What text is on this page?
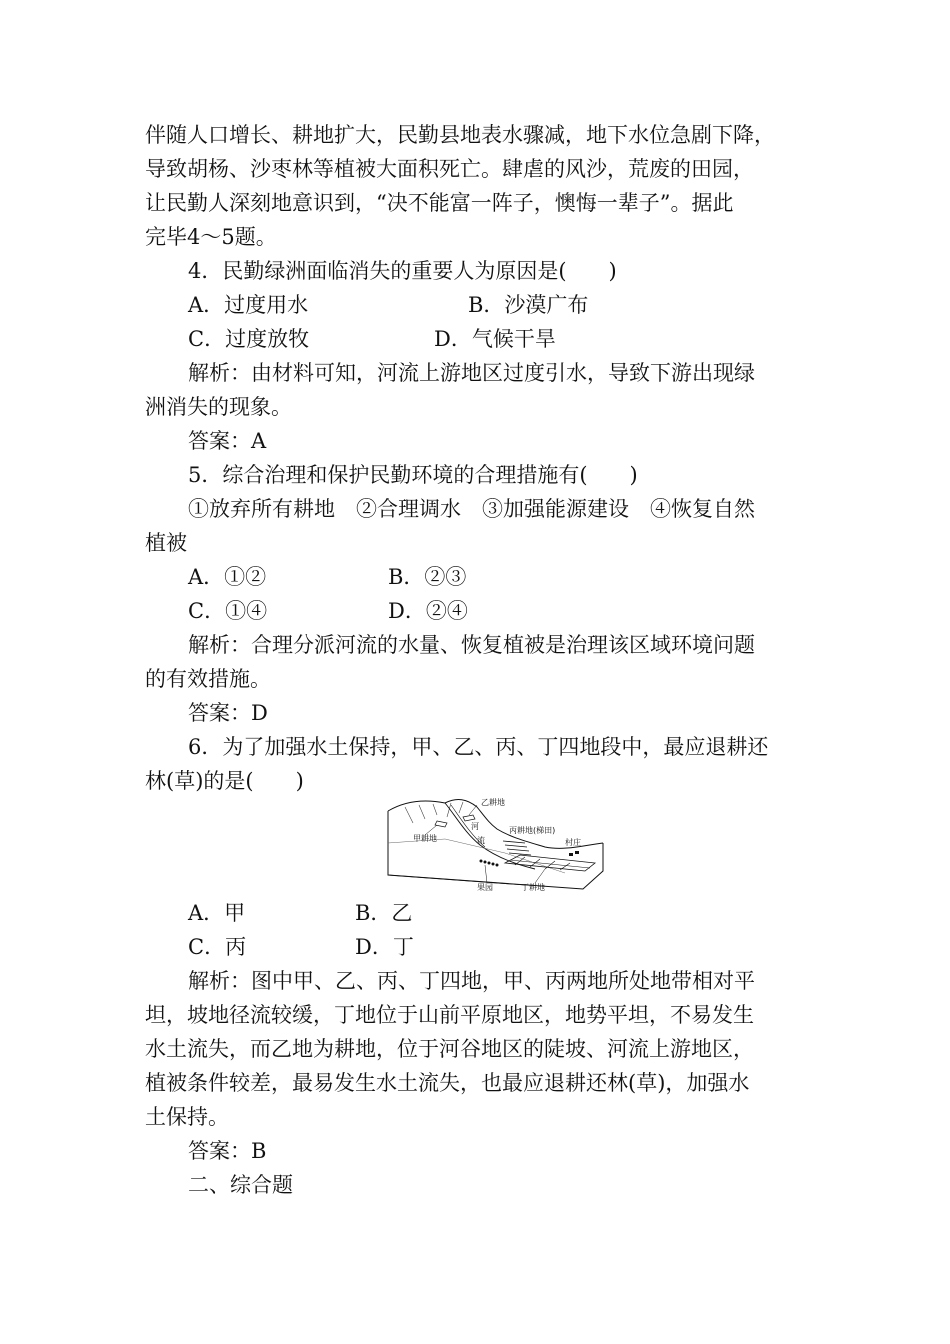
伴随人口增长、耕地扩大，民勤县地表水骤减，地下水位急剧下降，
导致胡杨、沙枣林等植被大面积死亡。肆虐的风沙，荒废的田园，
让民勤人深刻地意识到，“决不能富一阵子，懊悔一辈子”。据此
完毕4～5题。
4．民勤绿洲面临消失的重要人为原因是(　　)
A．过度用水	B．沙漠广布
C．过度放牧	D．气候干旱
解析：由材料可知，河流上游地区过度引水，导致下游出现绿
洲消失的现象。
答案：A
5．综合治理和保护民勤环境的合理措施有(　　)
①放弃所有耕地　②合理调水　③加强能源建设　④恢复自然
植被
A．①②	B．②③
C．①④	D．②④
解析：合理分派河流的水量、恢复植被是治理该区域环境问题
的有效措施。
答案：D
6．为了加强水土保持，甲、乙、丙、丁四地段中，最应退耕还
林(草)的是(　　)
乙耕地
甲耕地
河
流
丙耕地(梯田)
村庄
果园	丁耕地
A．甲	B．乙
C．丙	D．丁
解析：图中甲、乙、丙、丁四地，甲、丙两地所处地带相对平
坦，坡地径流较缓，丁地位于山前平原地区，地势平坦，不易发生
水土流失，而乙地为耕地，位于河谷地区的陡坡、河流上游地区，
植被条件较差，最易发生水土流失，也最应退耕还林(草)，加强水
土保持。
答案：B
二、综合题
